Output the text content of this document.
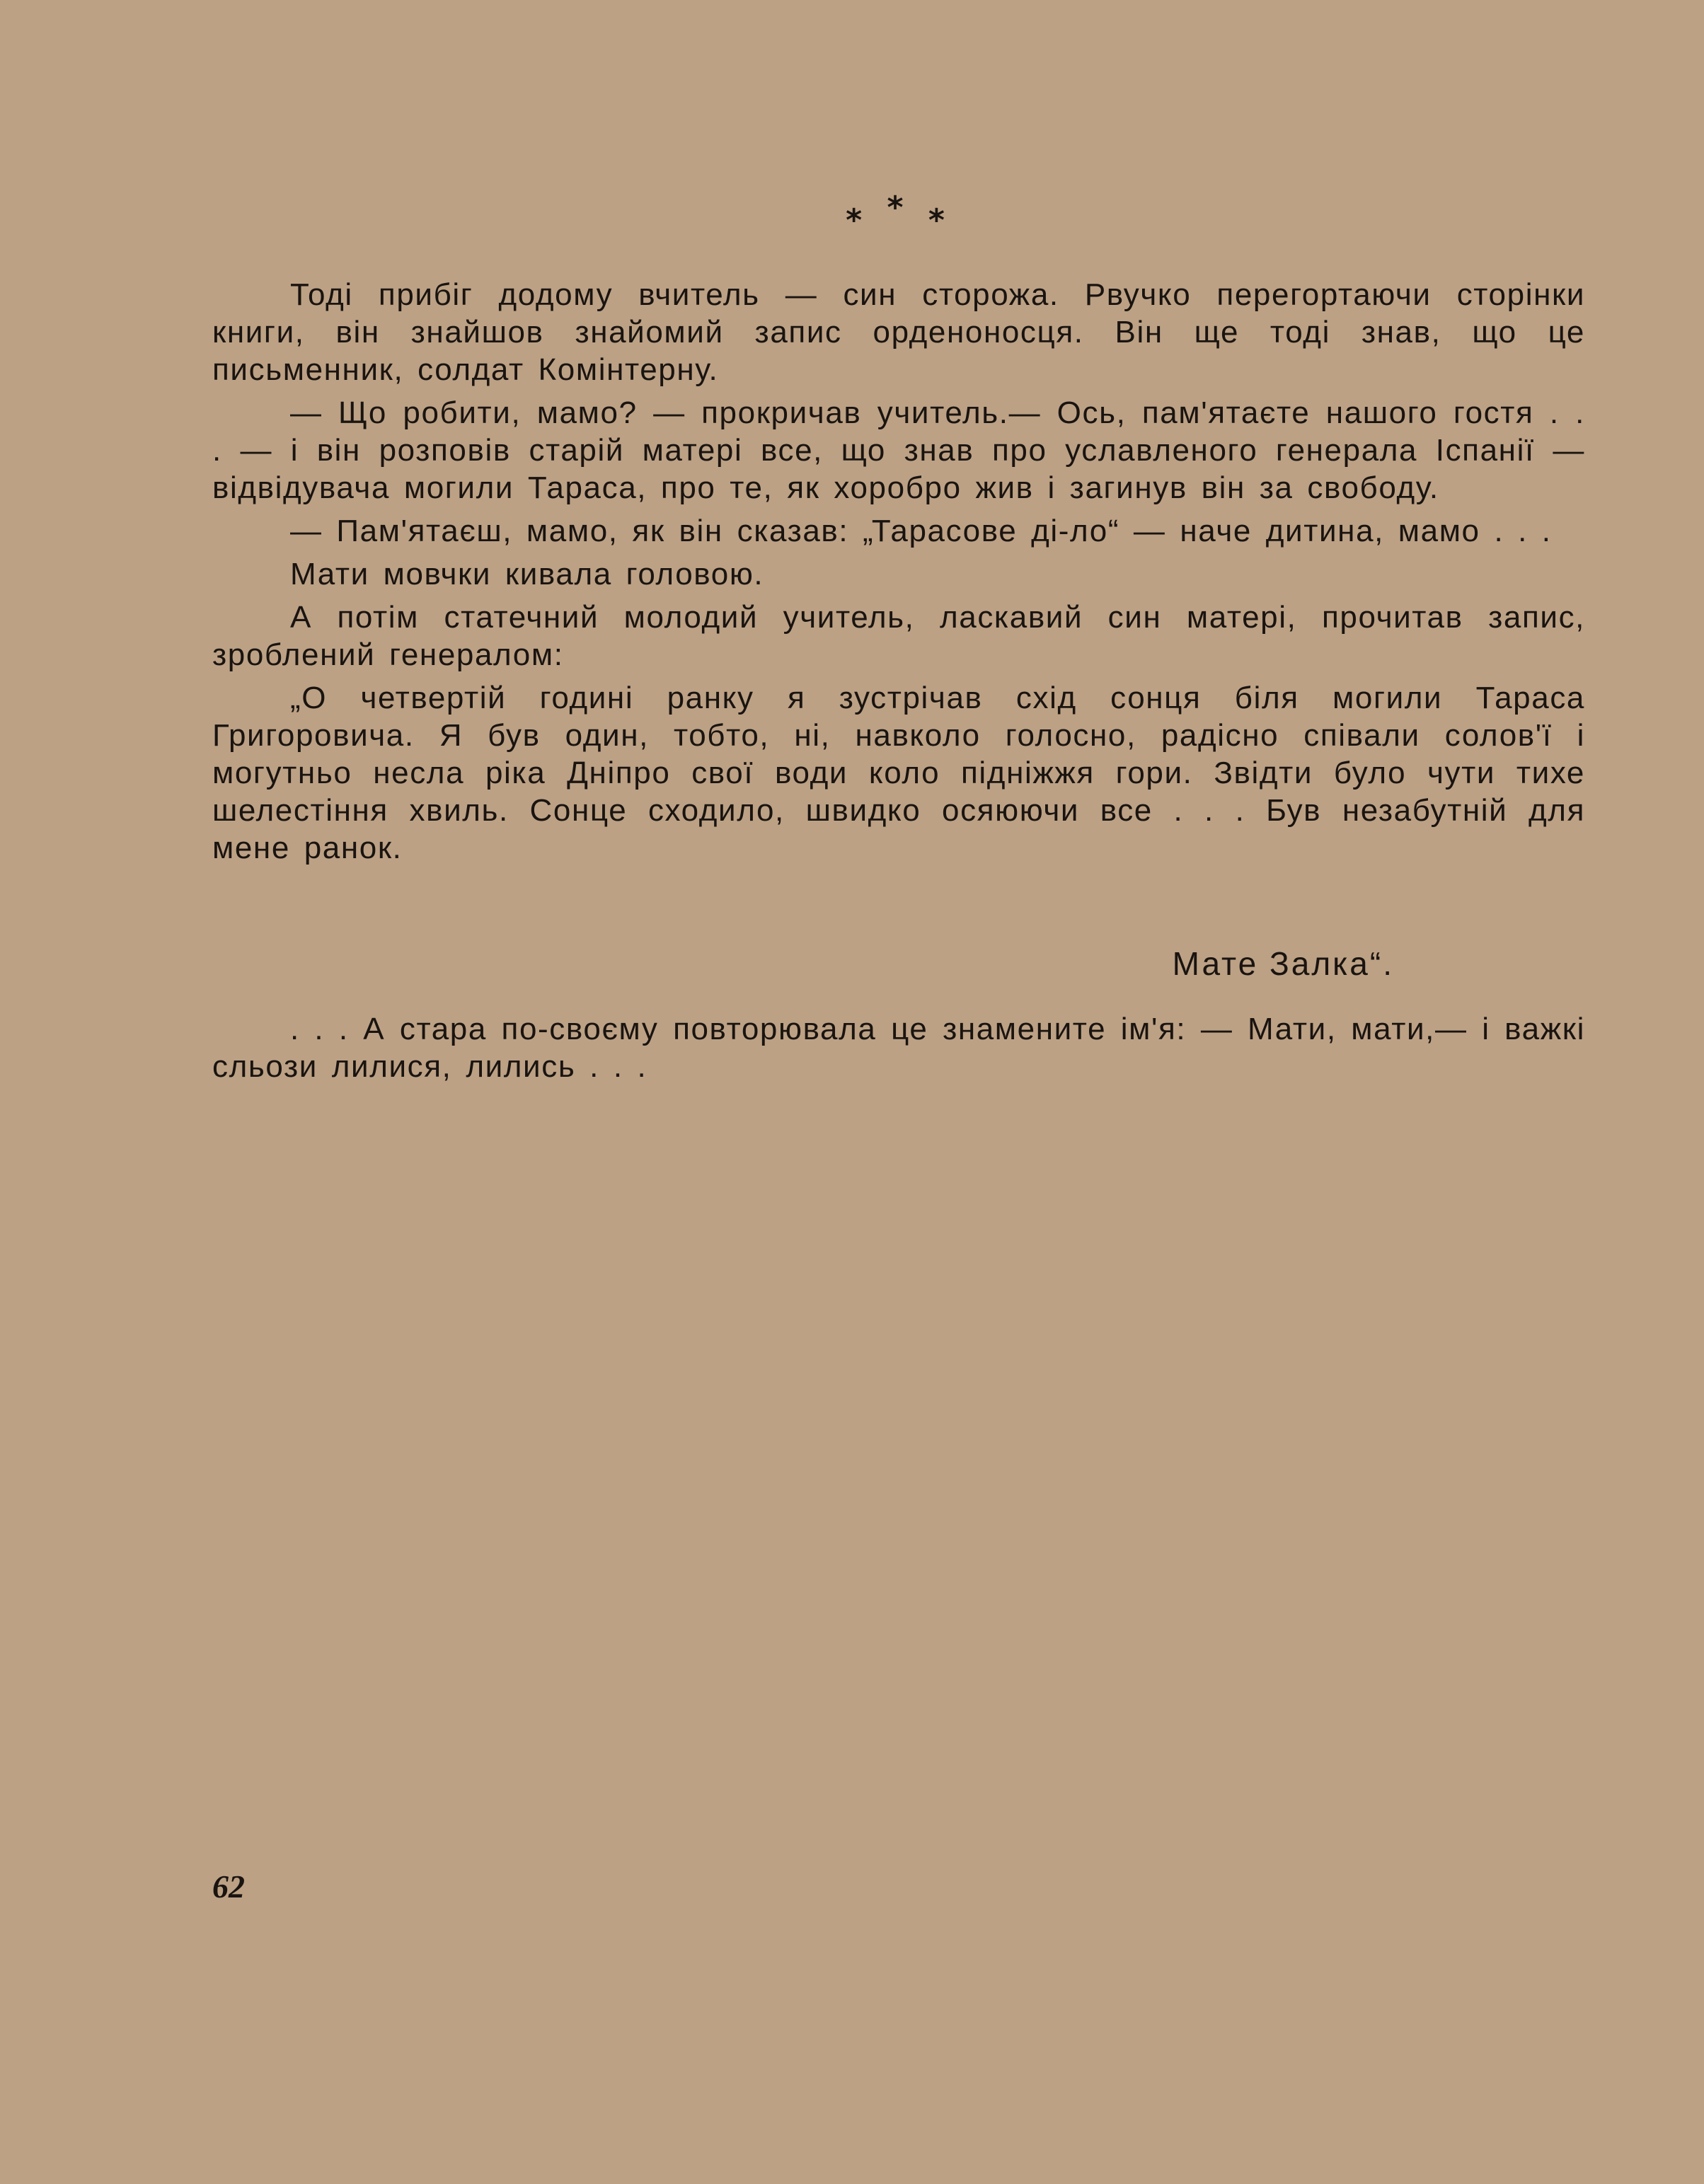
* * *

Тоді прибіг додому вчитель — син сторожа. Рвучко перегортаючи сторінки книги, він знайшов знайомий запис орденоносця. Він ще тоді знав, що це письменник, солдат Комінтерну.

— Що робити, мамо? — прокричав учитель.— Ось, пам'ятаєте нашого гостя . . . — і він розповів старій матері все, що знав про уславленого генерала Іспанії — відвідувача могили Тараса, про те, як хоробро жив і загинув він за свободу.

— Пам'ятаєш, мамо, як він сказав: „Тарасове ді-ло“ — наче дитина, мамо . . .

Мати мовчки кивала головою.

А потім статечний молодий учитель, ласкавий син матері, прочитав запис, зроблений генералом:

„О четвертій годині ранку я зустрічав схід сонця біля могили Тараса Григоровича. Я був один, тобто, ні, навколо голосно, радісно співали солов'ї і могутньо несла ріка Дніпро свої води коло підніжжя гори. Звідти було чути тихе шелестіння хвиль. Сонце сходило, швидко осяюючи все . . . Був незабутній для мене ранок.

Мате Залка“.

. . . А стара по-своєму повторювала це знамените ім'я: — Мати, мати,— і важкі сльози лилися, лились . . .

62
